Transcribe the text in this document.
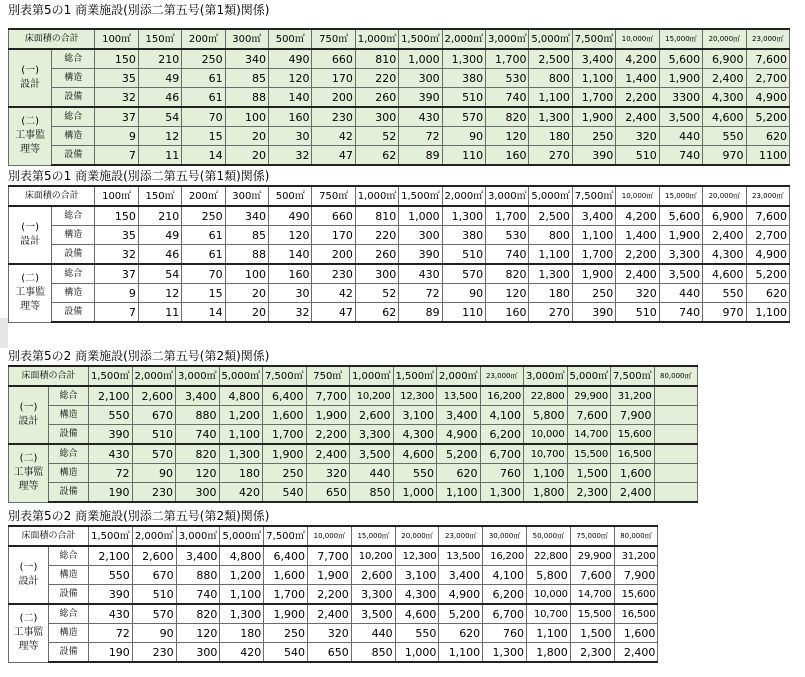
別表第5の1 商業施設(別添二第五号(第1類)関係)
床面積の合計		100㎡	150㎡	200㎡	300㎡	500㎡	750㎡	1,000㎡	1,500㎡	2,000㎡	3,000㎡	5,000㎡	7,500㎡	10,000㎡	15,000㎡	20,000㎡	23,000㎡

(一)
設計	総合	150	210	250	340	490	660	810	1,000	1,300	1,700	2,500	3,400	4,200	5,600	6,900	7,600
	構造	35	49	61	85	120	170	220	300	380	530	800	1,100	1,400	1,900	2,400	2,700
	設備	32	46	61	88	140	200	260	390	510	740	1,100	1,700	2,200	3300	4,300	4,900

(二)
工事監
理等	総合	37	54	70	100	160	230	300	430	570	820	1,300	1,900	2,400	3,500	4,600	5,200
	構造	9	12	15	20	30	42	52	72	90	120	180	250	320	440	550	620
	設備	7	11	14	20	32	47	62	89	110	160	270	390	510	740	970	1100
別表第5の1 商業施設(別添二第五号(第1類)関係)
床面積の合計		100㎡	150㎡	200㎡	300㎡	500㎡	750㎡	1,000㎡	1,500㎡	2,000㎡	3,000㎡	5,000㎡	7,500㎡	10,000㎡	15,000㎡	20,000㎡	23,000㎡

(一)
設計	総合	150	210	250	340	490	660	810	1,000	1,300	1,700	2,500	3,400	4,200	5,600	6,900	7,600
	構造	35	49	61	85	120	170	220	300	380	530	800	1,100	1,400	1,900	2,400	2,700
	設備	32	46	61	88	140	200	260	390	510	740	1,100	1,700	2,200	3,300	4,300	4,900

(二)
工事監
理等	総合	37	54	70	100	160	230	300	430	570	820	1,300	1,900	2,400	3,500	4,600	5,200
	構造	9	12	15	20	30	42	52	72	90	120	180	250	320	440	550	620
	設備	7	11	14	20	32	47	62	89	110	160	270	390	510	740	970	1,100
別表第5の2 商業施設(別添二第五号(第2類)関係)
床面積の合計		1,500㎡	2,000㎡	3,000㎡	5,000㎡	7,500㎡	750㎡	1,000㎡	1,500㎡	2,000㎡	23,000㎡	3,000㎡	5,000㎡	7,500㎡	80,000㎡

(一)
設計	総合	2,100	2,600	3,400	4,800	6,400	7,700	10,200	12,300	13,500	16,200	22,800	29,900	31,200	
	構造	550	670	880	1,200	1,600	1,900	2,600	3,100	3,400	4,100	5,800	7,600	7,900	
	設備	390	510	740	1,100	1,700	2,200	3,300	4,300	4,900	6,200	10,000	14,700	15,600	

(二)
工事監
理等	総合	430	570	820	1,300	1,900	2,400	3,500	4,600	5,200	6,700	10,700	15,500	16,500	
	構造	72	90	120	180	250	320	440	550	620	760	1,100	1,500	1,600	
	設備	190	230	300	420	540	650	850	1,000	1,100	1,300	1,800	2,300	2,400	
別表第5の2 商業施設(別添二第五号(第2類)関係)
床面積の合計		1,500㎡	2,000㎡	3,000㎡	5,000㎡	7,500㎡	10,000㎡	15,000㎡	20,000㎡	23,000㎡	30,000㎡	50,000㎡	75,000㎡	80,000㎡

(一)
設計	総合	2,100	2,600	3,400	4,800	6,400	7,700	10,200	12,300	13,500	16,200	22,800	29,900	31,200
	構造	550	670	880	1,200	1,600	1,900	2,600	3,100	3,400	4,100	5,800	7,600	7,900
	設備	390	510	740	1,100	1,700	2,200	3,300	4,300	4,900	6,200	10,000	14,700	15,600

(二)
工事監
理等	総合	430	570	820	1,300	1,900	2,400	3,500	4,600	5,200	6,700	10,700	15,500	16,500
	構造	72	90	120	180	250	320	440	550	620	760	1,100	1,500	1,600
	設備	190	230	300	420	540	650	850	1,000	1,100	1,300	1,800	2,300	2,400
